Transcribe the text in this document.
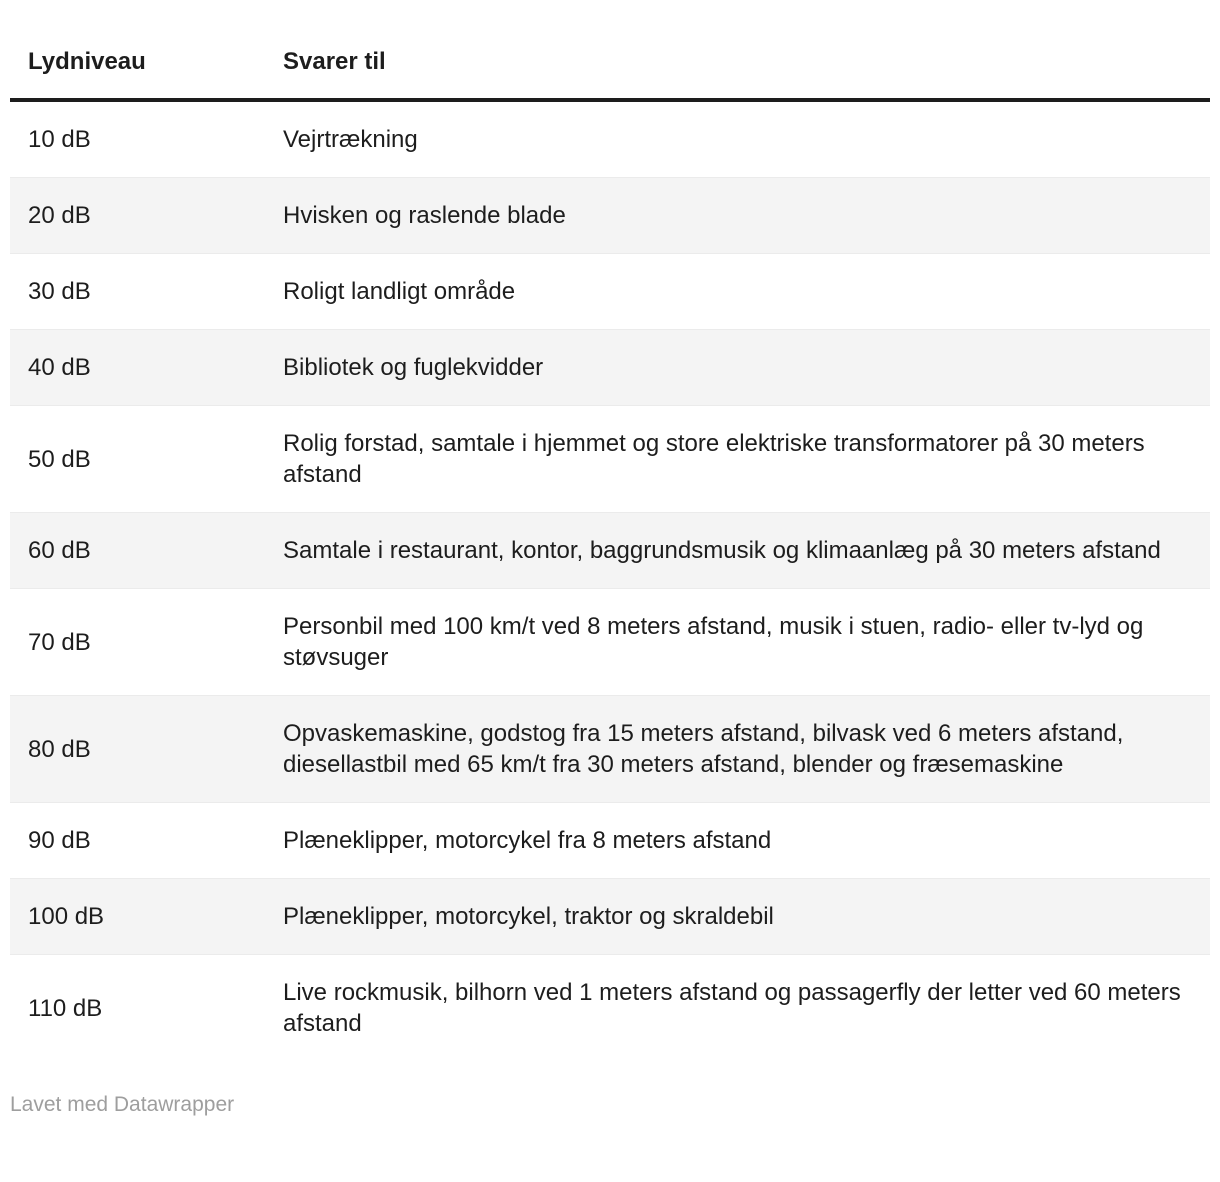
Lydniveau	Svarer til
10 dB	Vejrtrækning
20 dB	Hvisken og raslende blade
30 dB	Roligt landligt område
40 dB	Bibliotek og fuglekvidder
50 dB	Rolig forstad, samtale i hjemmet og store elektriske transformatorer på 30 meters afstand
60 dB	Samtale i restaurant, kontor, baggrundsmusik og klimaanlæg på 30 meters afstand
70 dB	Personbil med 100 km/t ved 8 meters afstand, musik i stuen, radio- eller tv-lyd og støvsuger
80 dB	Opvaskemaskine, godstog fra 15 meters afstand, bilvask ved 6 meters afstand, diesellastbil med 65 km/t fra 30 meters afstand, blender og fræsemaskine
90 dB	Plæneklipper, motorcykel fra 8 meters afstand
100 dB	Plæneklipper, motorcykel, traktor og skraldebil
110 dB	Live rockmusik, bilhorn ved 1 meters afstand og passagerfly der letter ved 60 meters afstand
Lavet med Datawrapper
